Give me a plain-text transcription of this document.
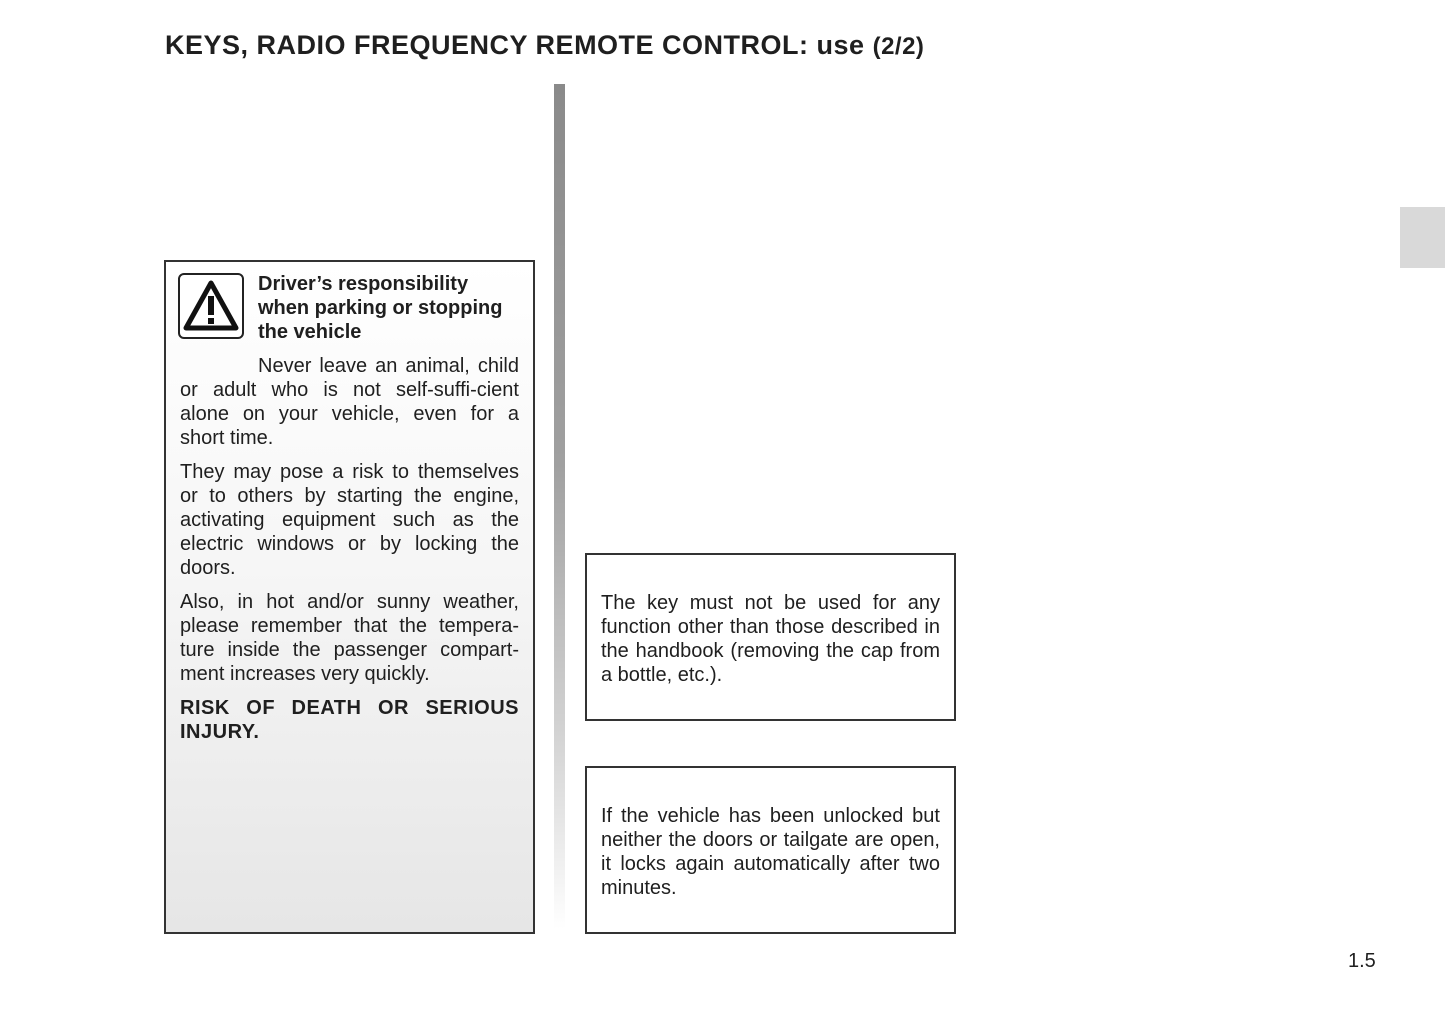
KEYS, RADIO FREQUENCY REMOTE CONTROL: use (2/2)

Driver’s responsibility when parking or stopping the vehicle

Never leave an animal, child or adult who is not self-suffi-cient alone on your vehicle, even for a short time.

They may pose a risk to themselves or to others by starting the engine, activating equipment such as the electric windows or by locking the doors.

Also, in hot and/or sunny weather, please remember that the tempera-ture inside the passenger compart-ment increases very quickly.

RISK OF DEATH OR SERIOUS INJURY.

The key must not be used for any function other than those described in the handbook (removing the cap from a bottle, etc.).

If the vehicle has been unlocked but neither the doors or tailgate are open, it locks again automatically after two minutes.

1.5
